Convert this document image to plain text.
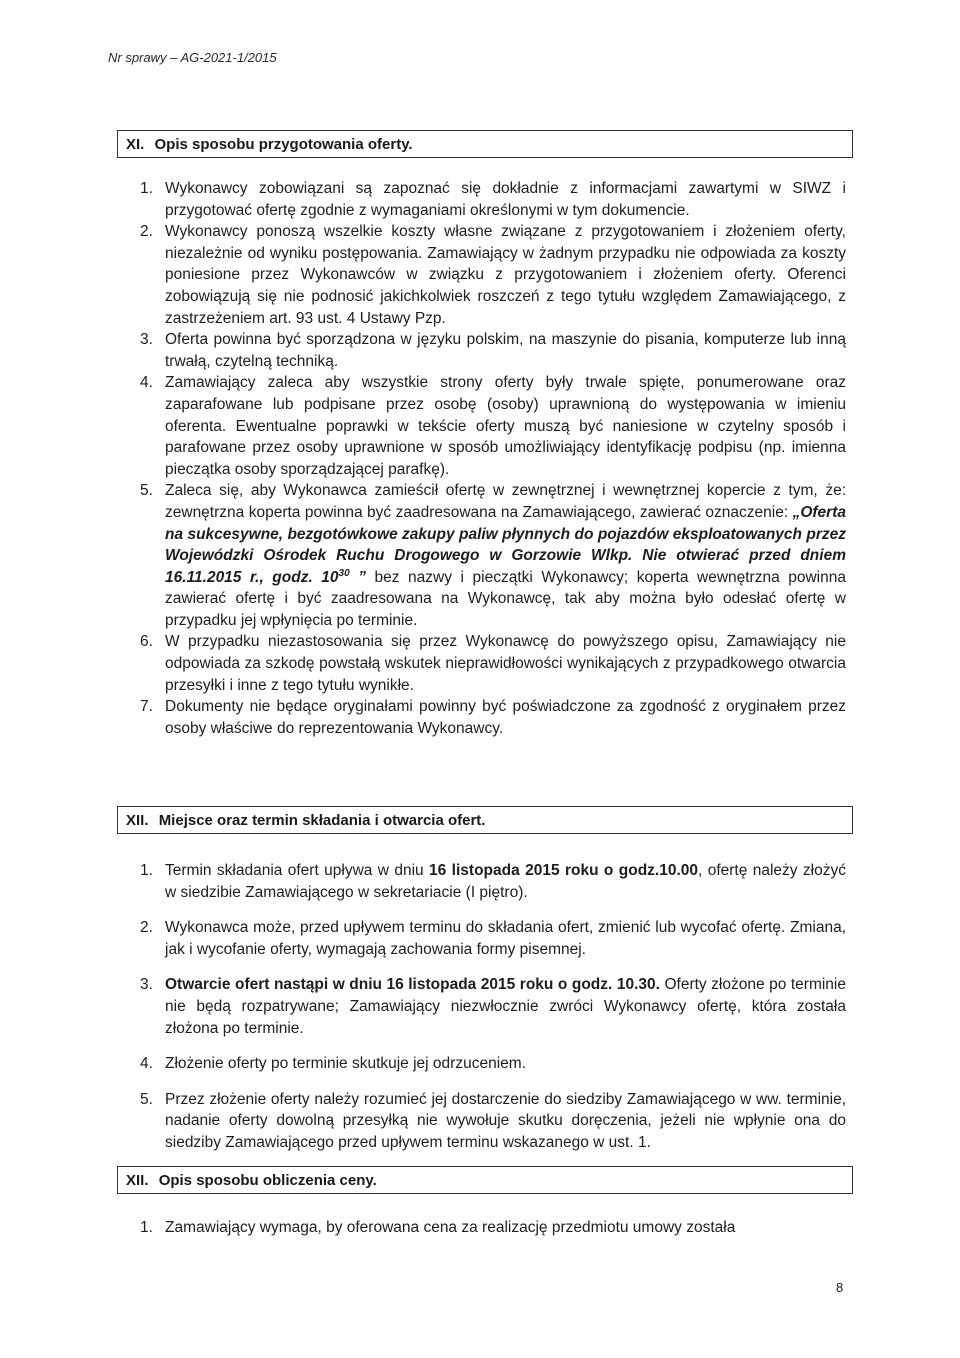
Nr sprawy – AG-2021-1/2015
XI. Opis sposobu przygotowania oferty.
1. Wykonawcy zobowiązani są zapoznać się dokładnie z informacjami zawartymi w SIWZ i przygotować ofertę zgodnie z wymaganiami określonymi w tym dokumencie.
2. Wykonawcy ponoszą wszelkie koszty własne związane z przygotowaniem i złożeniem oferty, niezależnie od wyniku postępowania. Zamawiający w żadnym przypadku nie odpowiada za koszty poniesione przez Wykonawców w związku z przygotowaniem i złożeniem oferty. Oferenci zobowiązują się nie podnosić jakichkolwiek roszczeń z tego tytułu względem Zamawiającego, z zastrzeżeniem art. 93 ust. 4 Ustawy Pzp.
3. Oferta powinna być sporządzona w języku polskim, na maszynie do pisania, komputerze lub inną trwałą, czytelną techniką.
4. Zamawiający zaleca aby wszystkie strony oferty były trwale spięte, ponumerowane oraz zaparafowane lub podpisane przez osobę (osoby) uprawnioną do występowania w imieniu oferenta. Ewentualne poprawki w tekście oferty muszą być naniesione w czytelny sposób i parafowane przez osoby uprawnione w sposób umożliwiający identyfikację podpisu (np. imienna pieczątka osoby sporządzającej parafkę).
5. Zaleca się, aby Wykonawca zamieścił ofertę w zewnętrznej i wewnętrznej kopercie z tym, że: zewnętrzna koperta powinna być zaadresowana na Zamawiającego, zawierać oznaczenie: „Oferta na sukcesywne, bezgotówkowe zakupy paliw płynnych do pojazdów eksploatowanych przez Wojewódzki Ośrodek Ruchu Drogowego w Gorzowie Wlkp. Nie otwierać przed dniem 16.11.2015 r., godz. $10^{30}$ ” bez nazwy i pieczątki Wykonawcy; koperta wewnętrzna powinna zawierać ofertę i być zaadresowana na Wykonawcę, tak aby można było odesłać ofertę w przypadku jej wpłynięcia po terminie.
6. W przypadku niezastosowania się przez Wykonawcę do powyższego opisu, Zamawiający nie odpowiada za szkodę powstałą wskutek nieprawidłowości wynikających z przypadkowego otwarcia przesyłki i inne z tego tytułu wynikłe.
7. Dokumenty nie będące oryginałami powinny być poświadczone za zgodność z oryginałem przez osoby właściwe do reprezentowania Wykonawcy.
XII. Miejsce oraz termin składania i otwarcia ofert.
1. Termin składania ofert upływa w dniu 16 listopada 2015 roku o godz.10.00, ofertę należy złożyć w siedzibie Zamawiającego w sekretariacie (I piętro).
2. Wykonawca może, przed upływem terminu do składania ofert, zmienić lub wycofać ofertę. Zmiana, jak i wycofanie oferty, wymagają zachowania formy pisemnej.
3. Otwarcie ofert nastąpi w dniu 16 listopada 2015 roku o godz. 10.30. Oferty złożone po terminie nie będą rozpatrywane; Zamawiający niezwłocznie zwróci Wykonawcy ofertę, która została złożona po terminie.
4. Złożenie oferty po terminie skutkuje jej odrzuceniem.
5. Przez złożenie oferty należy rozumieć jej dostarczenie do siedziby Zamawiającego w ww. terminie, nadanie oferty dowolną przesyłką nie wywołuje skutku doręczenia, jeżeli nie wpłynie ona do siedziby Zamawiającego przed upływem terminu wskazanego w ust. 1.
XII. Opis sposobu obliczenia ceny.
1. Zamawiający wymaga, by oferowana cena za realizację przedmiotu umowy została
8
